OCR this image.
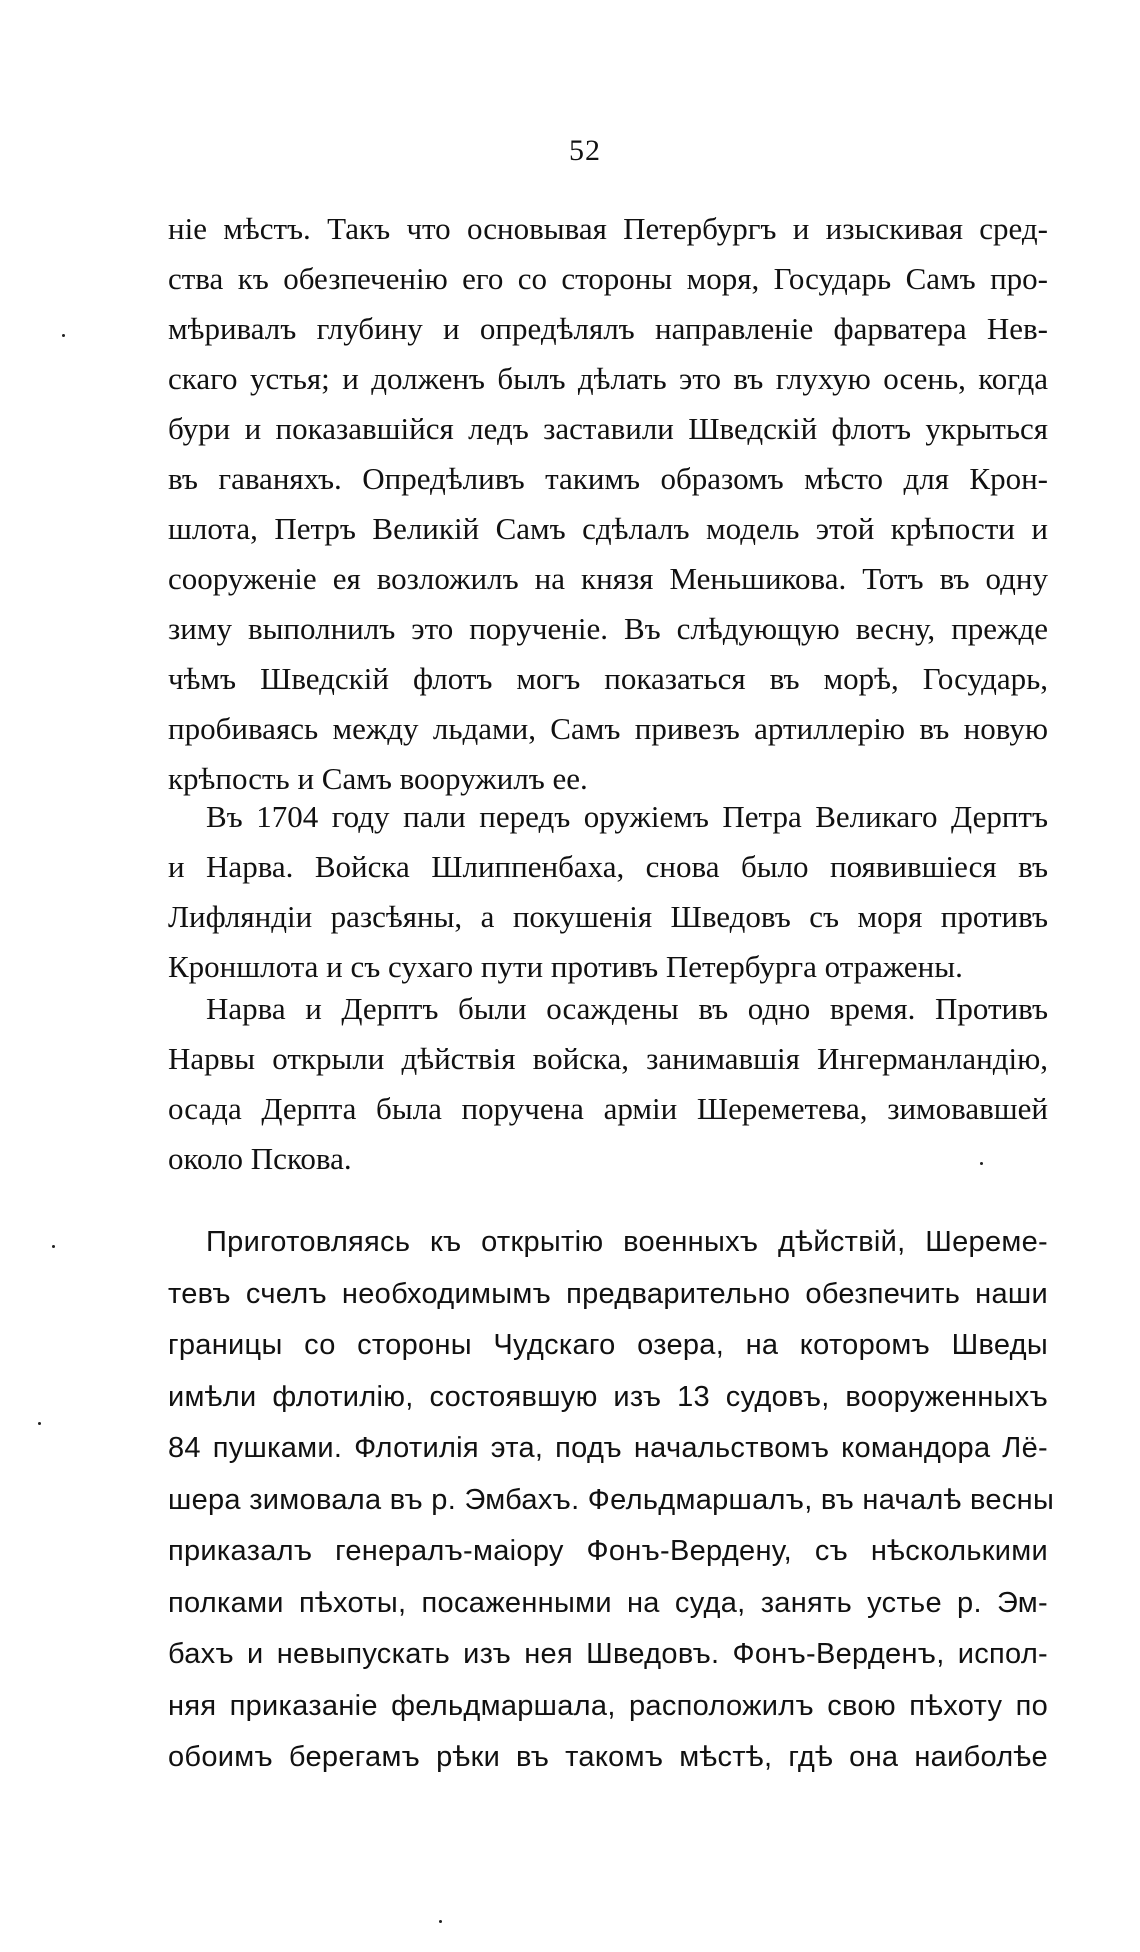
52
ніе мѣстъ. Такъ что основывая Петербургъ и изыскивая сред-
ства къ обезпеченію его со стороны моря, Государь Самъ про-
мѣривалъ глубину и опредѣлялъ направленіе фарватера Нев-
скаго устья; и долженъ былъ дѣлать это въ глухую осень, когда
бури и показавшійся ледъ заставили Шведскій флотъ укрыться
въ гаваняхъ. Опредѣливъ такимъ образомъ мѣсто для Крон-
шлота, Петръ Великій Самъ сдѣлалъ модель этой крѣпости и
сооруженіе ея возложилъ на князя Меньшикова. Тотъ въ одну
зиму выполнилъ это порученіе. Въ слѣдующую весну, прежде
чѣмъ Шведскій флотъ могъ показаться въ морѣ, Государь,
пробиваясь между льдами, Самъ привезъ артиллерію въ новую
крѣпость и Самъ вооружилъ ее.
Въ 1704 году пали передъ оружіемъ Петра Великаго Дерптъ
и Нарва. Войска Шлиппенбаха, снова было появившіеся въ
Лифляндіи разсѣяны, а покушенія Шведовъ съ моря противъ
Кроншлота и съ сухаго пути противъ Петербурга отражены.
Нарва и Дерптъ были осаждены въ одно время. Противъ
Нарвы открыли дѣйствія войска, занимавшія Ингерманландію,
осада Дерпта была поручена арміи Шереметева, зимовавшей
около Пскова.
Приготовляясь къ открытію военныхъ дѣйствій, Шереме-
тевъ счелъ необходимымъ предварительно обезпечить наши
границы со стороны Чудскаго озера, на которомъ Шведы
имѣли флотилію, состоявшую изъ 13 судовъ, вооруженныхъ
84 пушками. Флотилія эта, подъ начальствомъ командора Лё-
шера зимовала въ р. Эмбахъ. Фельдмаршалъ, въ началѣ весны
приказалъ генералъ-маіору Фонъ-Вердену, съ нѣсколькими
полками пѣхоты, посаженными на суда, занять устье р. Эм-
бахъ и невыпускать изъ нея Шведовъ. Фонъ-Верденъ, испол-
няя приказаніе фельдмаршала, расположилъ свою пѣхоту по
обоимъ берегамъ рѣки въ такомъ мѣстѣ, гдѣ она наиболѣе
